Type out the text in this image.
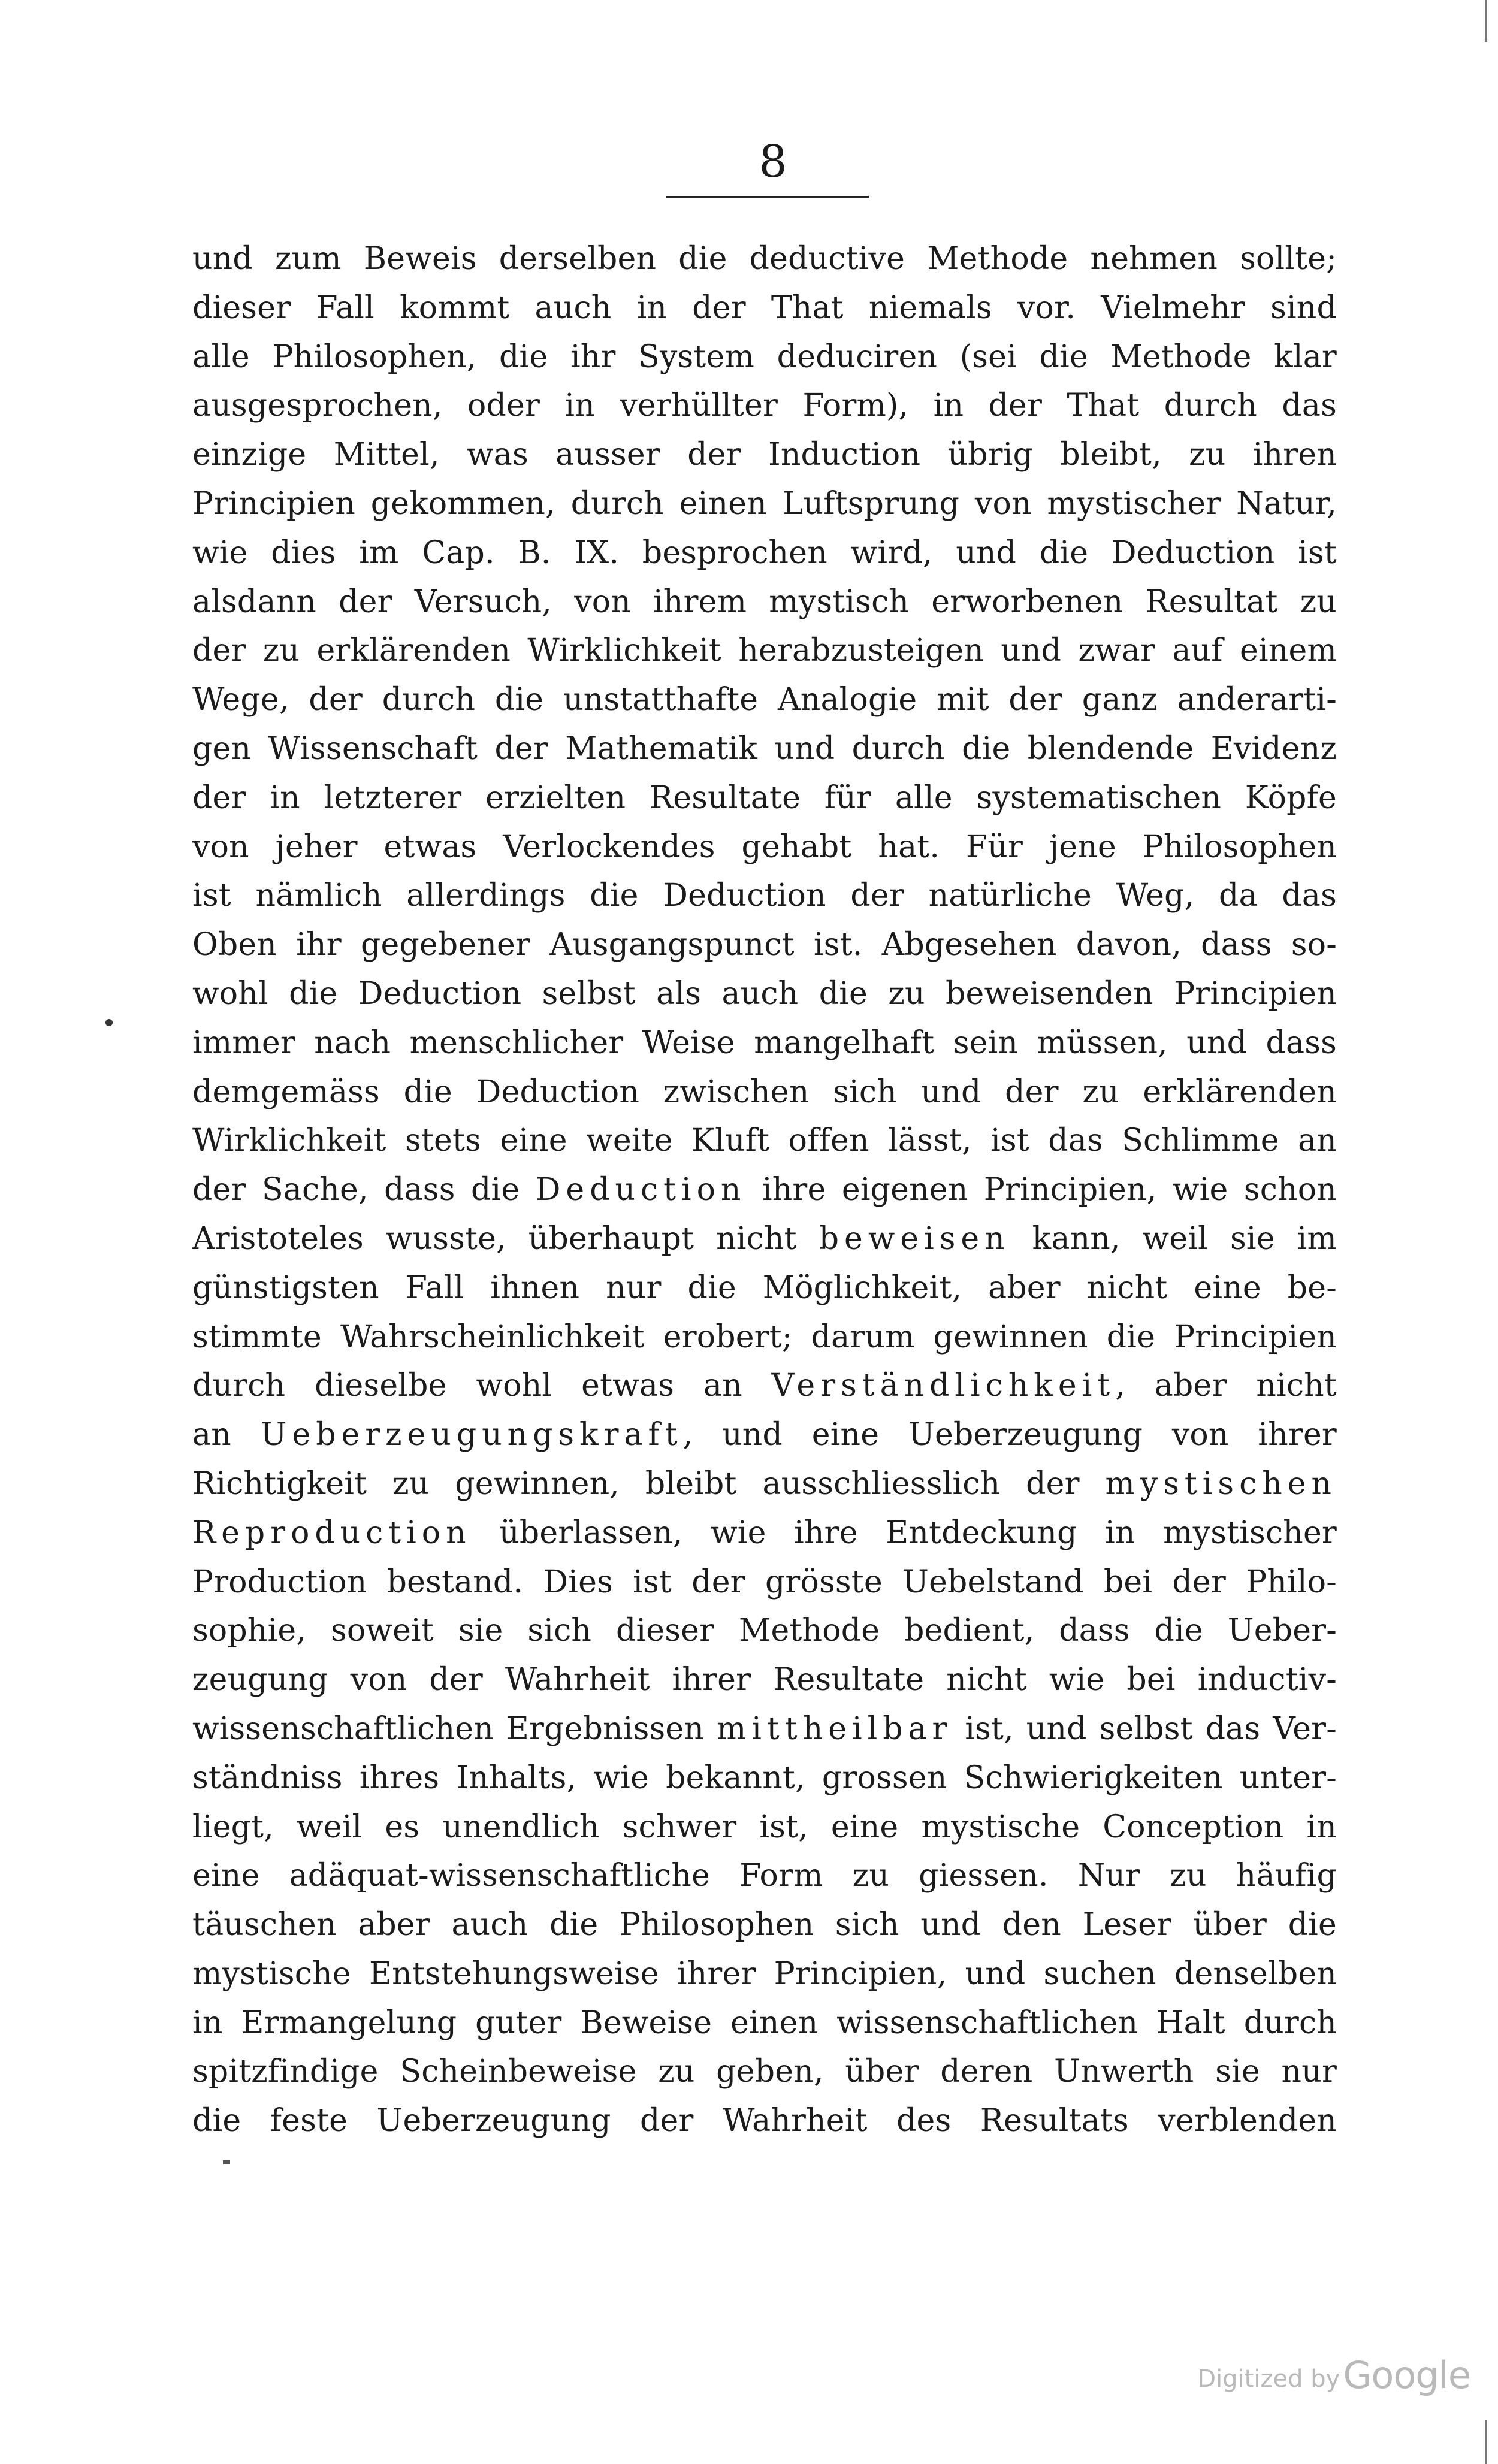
8
und zum Beweis derselben die deductive Methode nehmen sollte;
dieser Fall kommt auch in der That niemals vor. Vielmehr sind
alle Philosophen, die ihr System deduciren (sei die Methode klar
ausgesprochen, oder in verhüllter Form), in der That durch das
einzige Mittel, was ausser der Induction übrig bleibt, zu ihren
Principien gekommen, durch einen Luftsprung von mystischer Natur,
wie dies im Cap. B. IX. besprochen wird, und die Deduction ist
alsdann der Versuch, von ihrem mystisch erworbenen Resultat zu
der zu erklärenden Wirklichkeit herabzusteigen und zwar auf einem
Wege, der durch die unstatthafte Analogie mit der ganz anderarti-
gen Wissenschaft der Mathematik und durch die blendende Evidenz
der in letzterer erzielten Resultate für alle systematischen Köpfe
von jeher etwas Verlockendes gehabt hat. Für jene Philosophen
ist nämlich allerdings die Deduction der natürliche Weg, da das
Oben ihr gegebener Ausgangspunct ist. Abgesehen davon, dass so-
wohl die Deduction selbst als auch die zu beweisenden Principien
immer nach menschlicher Weise mangelhaft sein müssen, und dass
demgemäss die Deduction zwischen sich und der zu erklärenden
Wirklichkeit stets eine weite Kluft offen lässt, ist das Schlimme an
der Sache, dass die Deduction ihre eigenen Principien, wie schon
Aristoteles wusste, überhaupt nicht beweisen kann, weil sie im
günstigsten Fall ihnen nur die Möglichkeit, aber nicht eine be-
stimmte Wahrscheinlichkeit erobert; darum gewinnen die Principien
durch dieselbe wohl etwas an Verständlichkeit, aber nicht
an Ueberzeugungskraft, und eine Ueberzeugung von ihrer
Richtigkeit zu gewinnen, bleibt ausschliesslich der mystischen
Reproduction überlassen, wie ihre Entdeckung in mystischer
Production bestand. Dies ist der grösste Uebelstand bei der Philo-
sophie, soweit sie sich dieser Methode bedient, dass die Ueber-
zeugung von der Wahrheit ihrer Resultate nicht wie bei inductiv-
wissenschaftlichen Ergebnissen mittheilbar ist, und selbst das Ver-
ständniss ihres Inhalts, wie bekannt, grossen Schwierigkeiten unter-
liegt, weil es unendlich schwer ist, eine mystische Conception in
eine adäquat-wissenschaftliche Form zu giessen. Nur zu häufig
täuschen aber auch die Philosophen sich und den Leser über die
mystische Entstehungsweise ihrer Principien, und suchen denselben
in Ermangelung guter Beweise einen wissenschaftlichen Halt durch
spitzfindige Scheinbeweise zu geben, über deren Unwerth sie nur
die feste Ueberzeugung der Wahrheit des Resultats verblenden
Digitized by Google
